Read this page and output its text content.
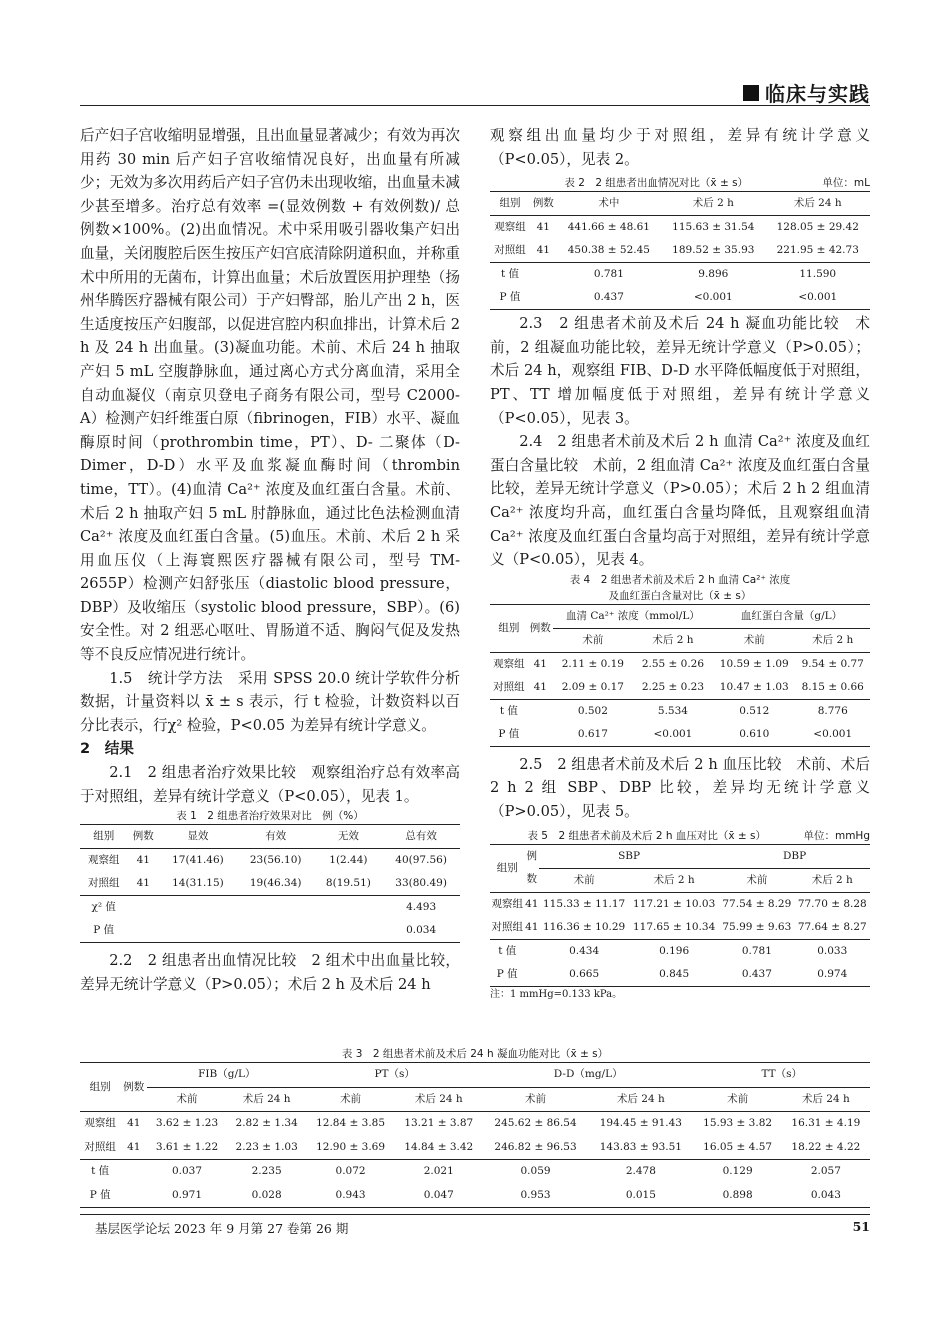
临床与实践

后产妇子宫收缩明显增强，且出血量显著减少；有效为再次用药 30 min 后产妇子宫收缩情况良好，出血量有所减少；无效为多次用药后产妇子宫仍未出现收缩，出血量未减少甚至增多。治疗总有效率 =(显效例数 + 有效例数)/ 总例数×100%。(2)出血情况。术中采用吸引器收集产妇出血量，关闭腹腔后医生按压产妇宫底清除阴道积血，并称重术中所用的无菌布，计算出血量；术后放置医用护理垫（扬州华腾医疗器械有限公司）于产妇臀部，胎儿产出 2 h，医生适度按压产妇腹部，以促进宫腔内积血排出，计算术后 2 h 及 24 h 出血量。(3)凝血功能。术前、术后 24 h 抽取产妇 5 mL 空腹静脉血，通过离心方式分离血清，采用全自动血凝仪（南京贝登电子商务有限公司，型号 C2000-A）检测产妇纤维蛋白原（fibrinogen，FIB）水平、凝血酶原时间（prothrombin time，PT）、D- 二聚体（D-Dimer，D-D）水平及血浆凝血酶时间（thrombin time，TT）。(4)血清 Ca²⁺ 浓度及血红蛋白含量。术前、术后 2 h 抽取产妇 5 mL 肘静脉血，通过比色法检测血清 Ca²⁺ 浓度及血红蛋白含量。(5)血压。术前、术后 2 h 采用血压仪（上海寰熙医疗器械有限公司，型号 TM-2655P）检测产妇舒张压（diastolic blood pressure，DBP）及收缩压（systolic blood pressure，SBP）。(6)安全性。对 2 组恶心呕吐、胃肠道不适、胸闷气促及发热等不良反应情况进行统计。

1.5　统计学方法　采用 SPSS 20.0 统计学软件分析数据，计量资料以 x̄ ± s 表示，行 t 检验，计数资料以百分比表示，行χ² 检验，P<0.05 为差异有统计学意义。

2　结果

2.1　2 组患者治疗效果比较　观察组治疗总有效率高于对照组，差异有统计学意义（P<0.05），见表 1。

表 1　2 组患者治疗效果对比　例（%）
组别	例数	显效	有效	无效	总有效
观察组	41	17(41.46)	23(56.10)	1(2.44)	40(97.56)
对照组	41	14(31.15)	19(46.34)	8(19.51)	33(80.49)
χ² 值					4.493
P 值					0.034

2.2　2 组患者出血情况比较　2 组术中出血量比较，差异无统计学意义（P>0.05）；术后 2 h 及术后 24 h

观察组出血量均少于对照组，差异有统计学意义（P<0.05），见表 2。

表 2　2 组患者出血情况对比（x̄ ± s）	单位：mL
组别	例数	术中	术后 2 h	术后 24 h
观察组	41	441.66 ± 48.61	115.63 ± 31.54	128.05 ± 29.42
对照组	41	450.38 ± 52.45	189.52 ± 35.93	221.95 ± 42.73
t 值		0.781	9.896	11.590
P 值		0.437	<0.001	<0.001

2.3　2 组患者术前及术后 24 h 凝血功能比较　术前，2 组凝血功能比较，差异无统计学意义（P>0.05）；术后 24 h，观察组 FIB、D-D 水平降低幅度低于对照组，PT、TT 增加幅度低于对照组，差异有统计学意义（P<0.05），见表 3。

2.4　2 组患者术前及术后 2 h 血清 Ca²⁺ 浓度及血红蛋白含量比较　术前，2 组血清 Ca²⁺ 浓度及血红蛋白含量比较，差异无统计学意义（P>0.05）；术后 2 h 2 组血清 Ca²⁺ 浓度均升高，血红蛋白含量均降低，且观察组血清 Ca²⁺ 浓度及血红蛋白含量均高于对照组，差异有统计学意义（P<0.05），见表 4。

表 4　2 组患者术前及术后 2 h 血清 Ca²⁺ 浓度
及血红蛋白含量对比（x̄ ± s）
组别	例数	血清 Ca²⁺ 浓度（mmol/L）		血红蛋白含量（g/L）	
		术前	术后 2 h	术前	术后 2 h
观察组	41	2.11 ± 0.19	2.55 ± 0.26	10.59 ± 1.09	9.54 ± 0.77
对照组	41	2.09 ± 0.17	2.25 ± 0.23	10.47 ± 1.03	8.15 ± 0.66
t 值		0.502	5.534	0.512	8.776
P 值		0.617	<0.001	0.610	<0.001

2.5　2 组患者术前及术后 2 h 血压比较　术前、术后 2 h 2 组 SBP、DBP 比较，差异均无统计学意义（P>0.05），见表 5。

表 5　2 组患者术前及术后 2 h 血压对比（x̄ ± s）	单位：mmHg
组别	例	SBP		DBP	
	数	术前	术后 2 h	术前	术后 2 h
观察组	41	115.33 ± 11.17	117.21 ± 10.03	77.54 ± 8.29	77.70 ± 8.28
对照组	41	116.36 ± 10.29	117.65 ± 10.34	75.99 ± 9.63	77.64 ± 8.27
t 值		0.434	0.196	0.781	0.033
P 值		0.665	0.845	0.437	0.974
注：1 mmHg=0.133 kPa。
表 3　2 组患者术前及术后 24 h 凝血功能对比（x̄ ± s）
组别	例数	FIB（g/L）		PT（s）		D-D（mg/L）		TT（s）	
		术前	术后 24 h	术前	术后 24 h	术前	术后 24 h	术前	术后 24 h
观察组	41	3.62 ± 1.23	2.82 ± 1.34	12.84 ± 3.85	13.21 ± 3.87	245.62 ± 86.54	194.45 ± 91.43	15.93 ± 3.82	16.31 ± 4.19
对照组	41	3.61 ± 1.22	2.23 ± 1.03	12.90 ± 3.69	14.84 ± 3.42	246.82 ± 96.53	143.83 ± 93.51	16.05 ± 4.57	18.22 ± 4.22
t 值		0.037	2.235	0.072	2.021	0.059	2.478	0.129	2.057
P 值		0.971	0.028	0.943	0.047	0.953	0.015	0.898	0.043
基层医学论坛 2023 年 9 月第 27 卷第 26 期	51
